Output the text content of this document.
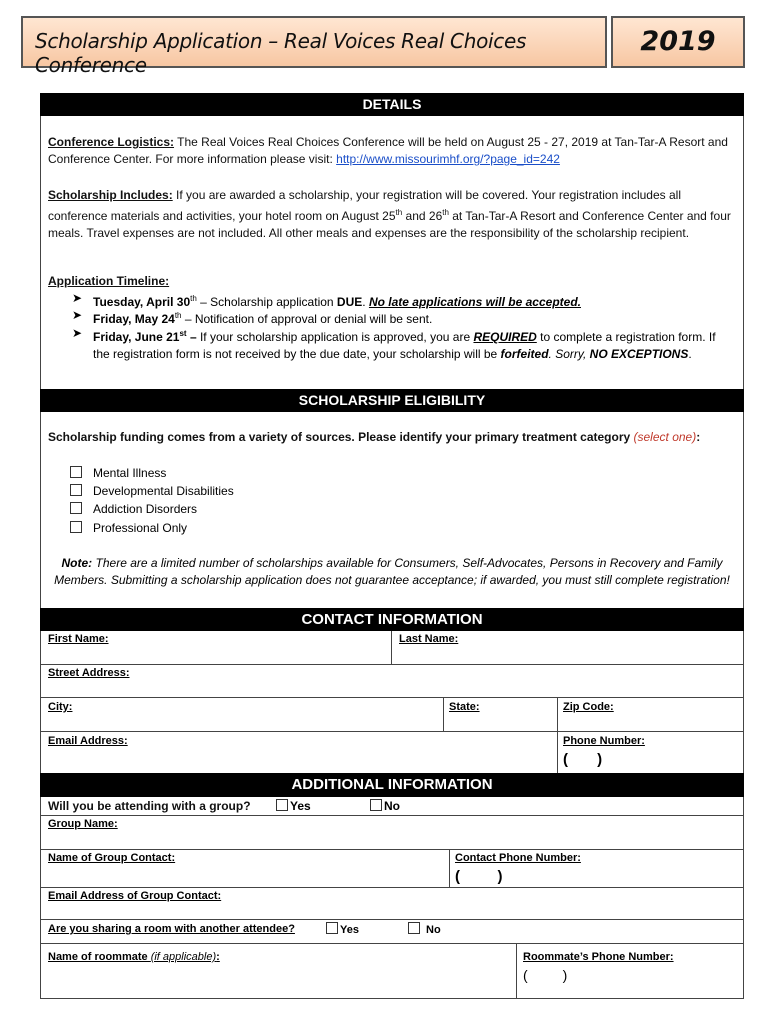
Scholarship Application – Real Voices Real Choices Conference
2019
DETAILS
Conference Logistics: The Real Voices Real Choices Conference will be held on August 25 - 27, 2019 at Tan-Tar-A Resort and Conference Center. For more information please visit: http://www.missourimhf.org/?page_id=242
Scholarship Includes: If you are awarded a scholarship, your registration will be covered. Your registration includes all conference materials and activities, your hotel room on August 25th and 26th at Tan-Tar-A Resort and Conference Center and four meals. Travel expenses are not included. All other meals and expenses are the responsibility of the scholarship recipient.
Application Timeline:
➤ Tuesday, April 30th – Scholarship application DUE. No late applications will be accepted.
➤ Friday, May 24th – Notification of approval or denial will be sent.
➤ Friday, June 21st – If your scholarship application is approved, you are REQUIRED to complete a registration form. If the registration form is not received by the due date, your scholarship will be forfeited. Sorry, NO EXCEPTIONS.
SCHOLARSHIP ELIGIBILITY
Scholarship funding comes from a variety of sources. Please identify your primary treatment category (select one):
Mental Illness
Developmental Disabilities
Addiction Disorders
Professional Only
Note: There are a limited number of scholarships available for Consumers, Self-Advocates, Persons in Recovery and Family Members. Submitting a scholarship application does not guarantee acceptance; if awarded, you must still complete registration!
CONTACT INFORMATION
First Name:	Last Name:
Street Address:
City:	State:	Zip Code:
Email Address:	Phone Number:
(       )
ADDITIONAL INFORMATION
Will you be attending with a group?	Yes	No
Group Name:
Name of Group Contact:	Contact Phone Number:
(         )
Email Address of Group Contact:
Are you sharing a room with another attendee?	Yes	No
Name of roommate (if applicable):	Roommate’s Phone Number:
(         )
